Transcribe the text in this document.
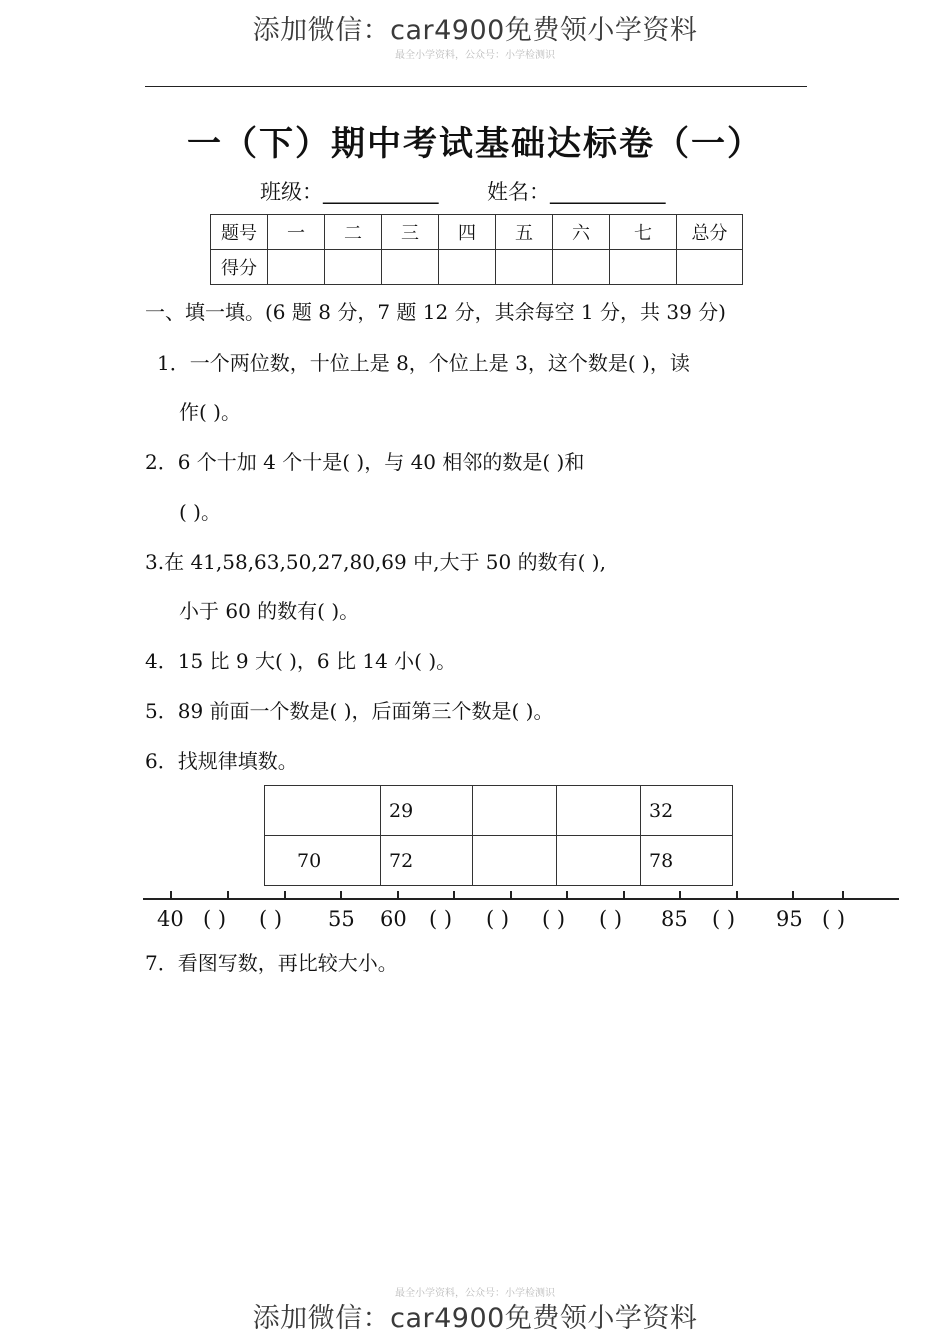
添加微信：car4900免费领小学资料
最全小学资料，公众号：小学检测识
一（下）期中考试基础达标卷（一）
班级：___________ 姓名：___________
题号	一	二	三	四	五	六	七	总分
得分								
一、填一填。(6 题 8 分，7 题 12 分，其余每空 1 分，共 39 分)
1．一个两位数，十位上是 8，个位上是 3，这个数是( )，读
作( )。
2．6 个十加 4 个十是( )，与 40 相邻的数是( )和
( )。
3.在 41,58,63,50,27,80,69 中,大于 50 的数有( ),
小于 60 的数有( )。
4．15 比 9 大( )，6 比 14 小( )。
5．89 前面一个数是( )，后面第三个数是( )。
6．找规律填数。
	29			32
70	72			78
40 ( ) ( ) 55 60 ( ) ( ) ( ) ( ) 85 ( ) 95 ( )
7．看图写数，再比较大小。
最全小学资料，公众号：小学检测识
添加微信：car4900免费领小学资料
